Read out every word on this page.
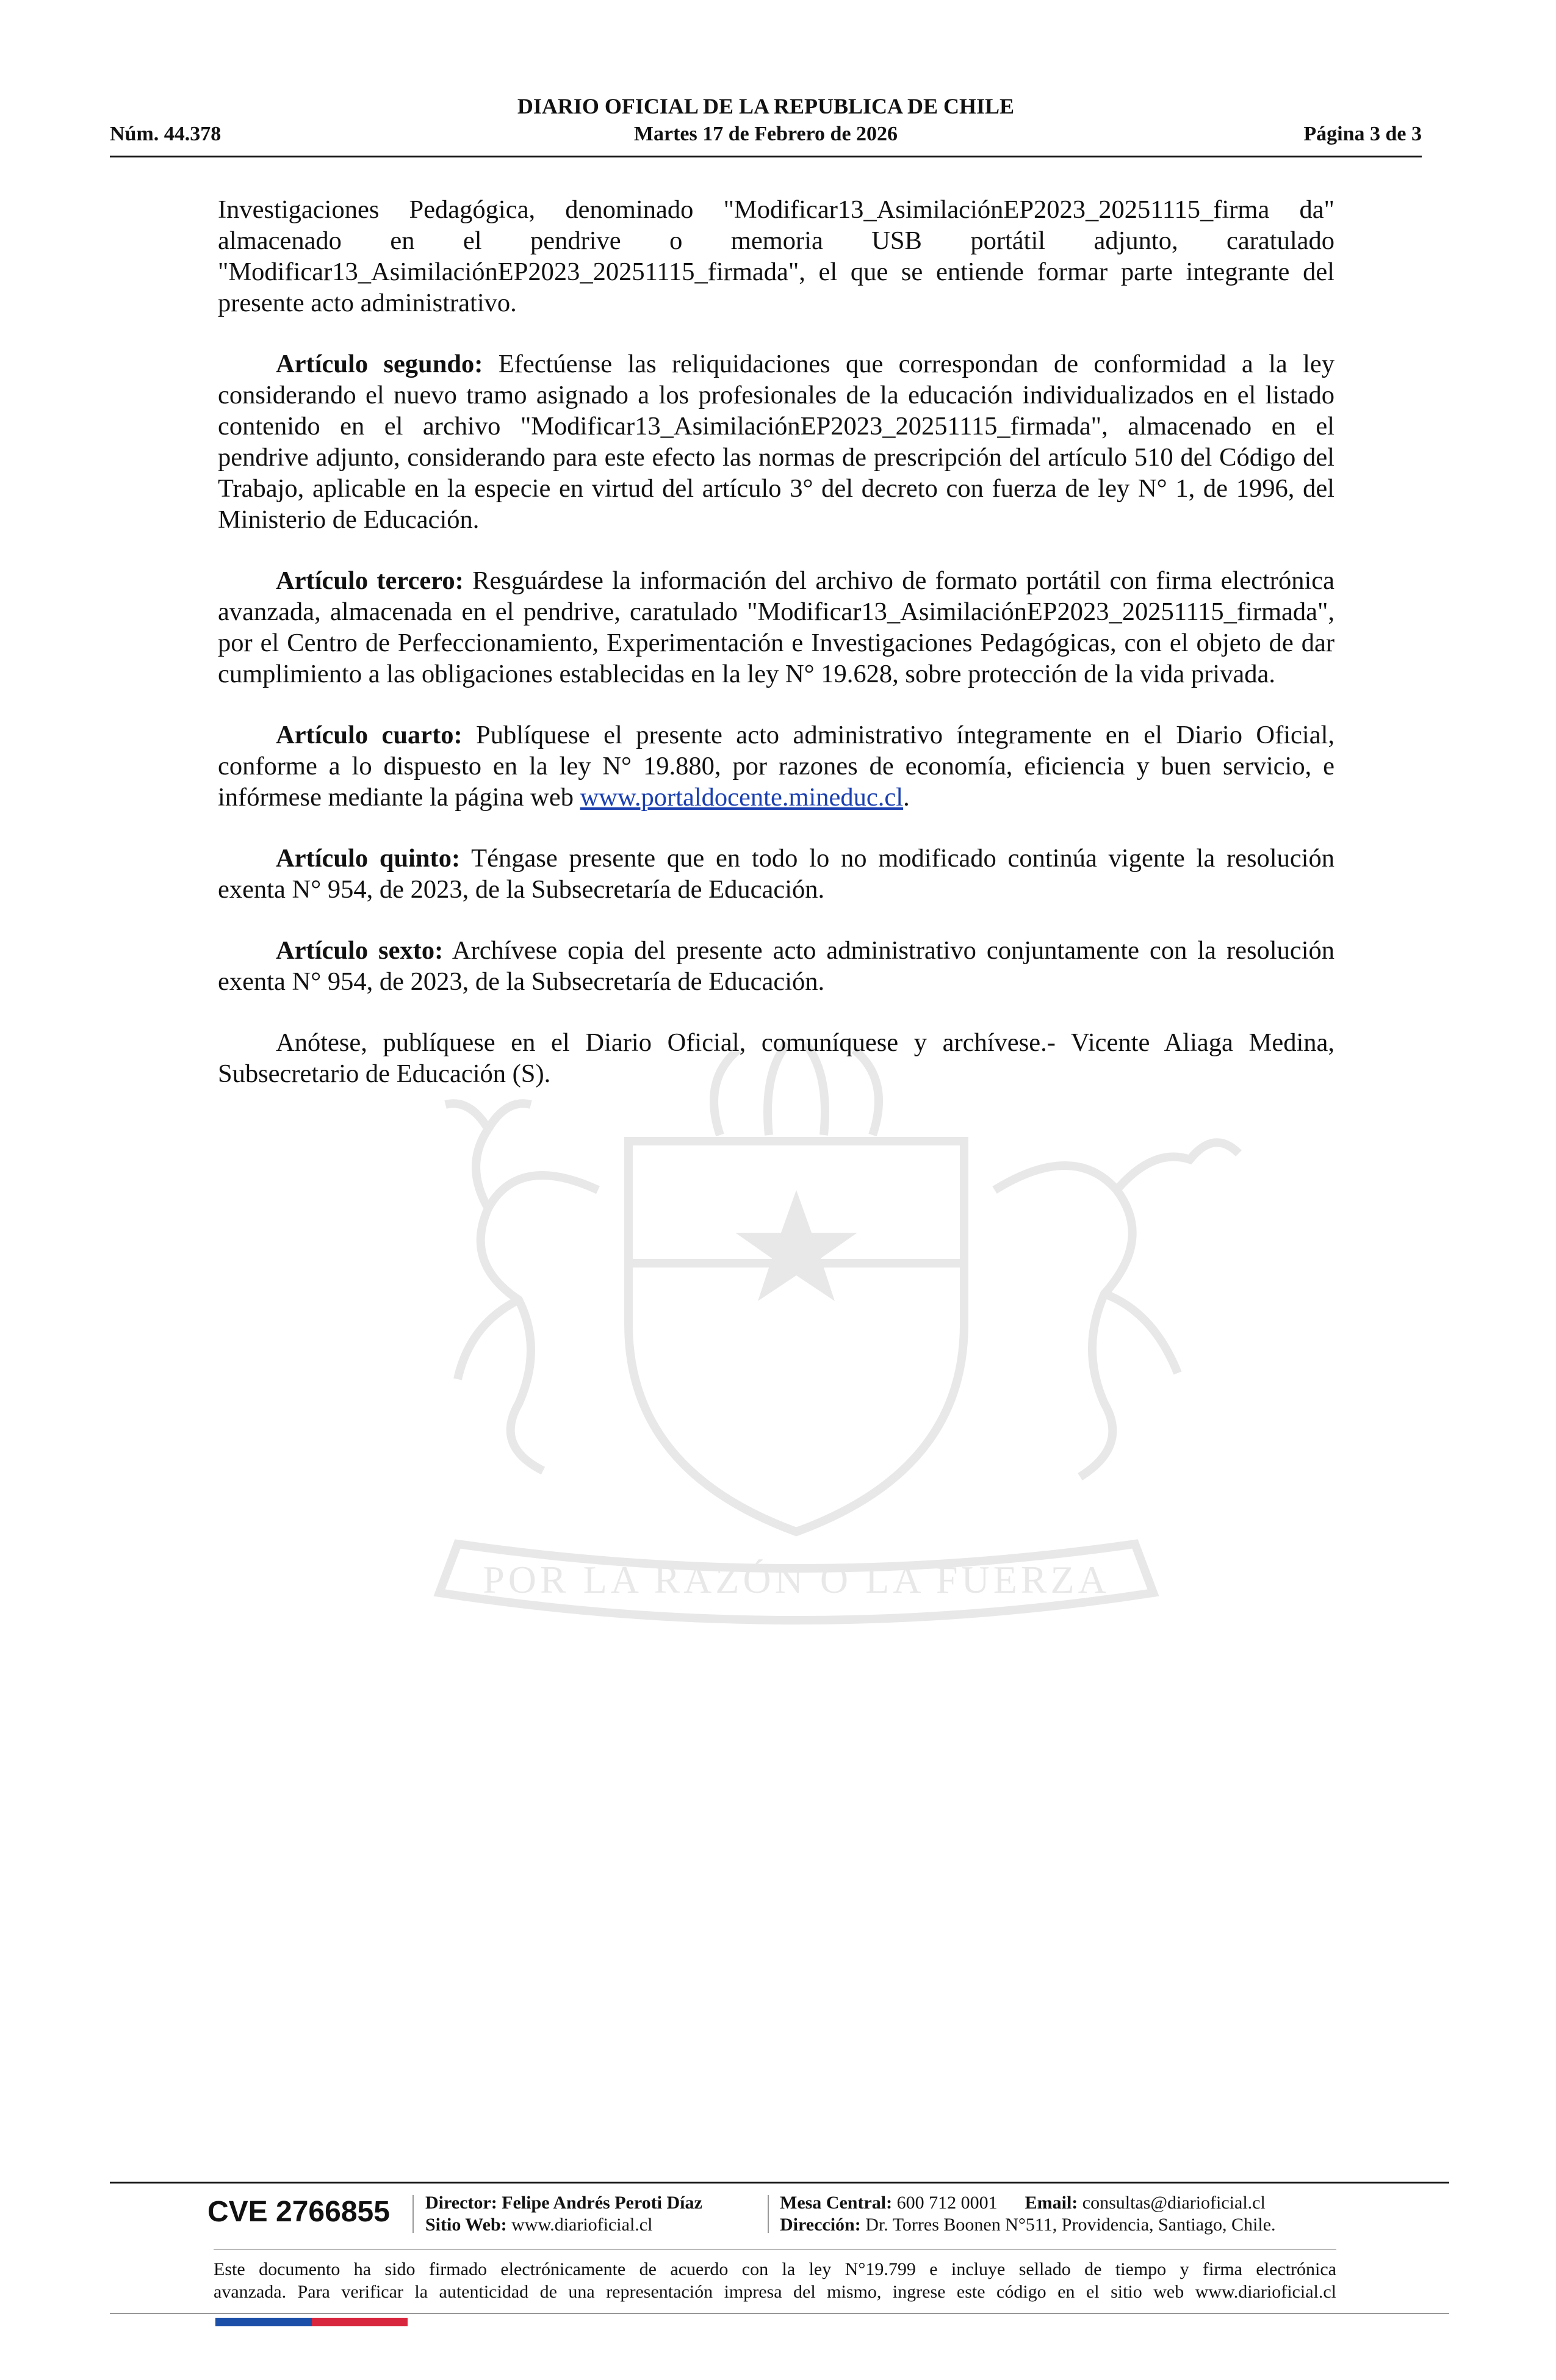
DIARIO OFICIAL DE LA REPUBLICA DE CHILE
Núm. 44.378	Martes 17 de Febrero de 2026	Página 3 de 3
POR LA RAZÓN O LA FUERZA

Investigaciones Pedagógica, denominado "Modificar13_AsimilaciónEP2023_20251115_firma da" almacenado en el pendrive o memoria USB portátil adjunto, caratulado "Modificar13_AsimilaciónEP2023_20251115_firmada", el que se entiende formar parte integrante del presente acto administrativo.

Artículo segundo: Efectúense las reliquidaciones que correspondan de conformidad a la ley considerando el nuevo tramo asignado a los profesionales de la educación individualizados en el listado contenido en el archivo "Modificar13_AsimilaciónEP2023_20251115_firmada", almacenado en el pendrive adjunto, considerando para este efecto las normas de prescripción del artículo 510 del Código del Trabajo, aplicable en la especie en virtud del artículo 3° del decreto con fuerza de ley N° 1, de 1996, del Ministerio de Educación.

Artículo tercero: Resguárdese la información del archivo de formato portátil con firma electrónica avanzada, almacenada en el pendrive, caratulado "Modificar13_AsimilaciónEP2023_20251115_firmada", por el Centro de Perfeccionamiento, Experimentación e Investigaciones Pedagógicas, con el objeto de dar cumplimiento a las obligaciones establecidas en la ley N° 19.628, sobre protección de la vida privada.

Artículo cuarto: Publíquese el presente acto administrativo íntegramente en el Diario Oficial, conforme a lo dispuesto en la ley N° 19.880, por razones de economía, eficiencia y buen servicio, e infórmese mediante la página web www.portaldocente.mineduc.cl.

Artículo quinto: Téngase presente que en todo lo no modificado continúa vigente la resolución exenta N° 954, de 2023, de la Subsecretaría de Educación.

Artículo sexto: Archívese copia del presente acto administrativo conjuntamente con la resolución exenta N° 954, de 2023, de la Subsecretaría de Educación.

Anótese, publíquese en el Diario Oficial, comuníquese y archívese.- Vicente Aliaga Medina, Subsecretario de Educación (S).

CVE 2766855	Director: Felipe Andrés Peroti Díaz
Sitio Web: www.diarioficial.cl
Mesa Central: 600 712 0001 Email: consultas@diarioficial.cl
Dirección: Dr. Torres Boonen N°511, Providencia, Santiago, Chile.
Este documento ha sido firmado electrónicamente de acuerdo con la ley N°19.799 e incluye sellado de tiempo y firma electrónica
avanzada. Para verificar la autenticidad de una representación impresa del mismo, ingrese este código en el sitio web www.diarioficial.cl
